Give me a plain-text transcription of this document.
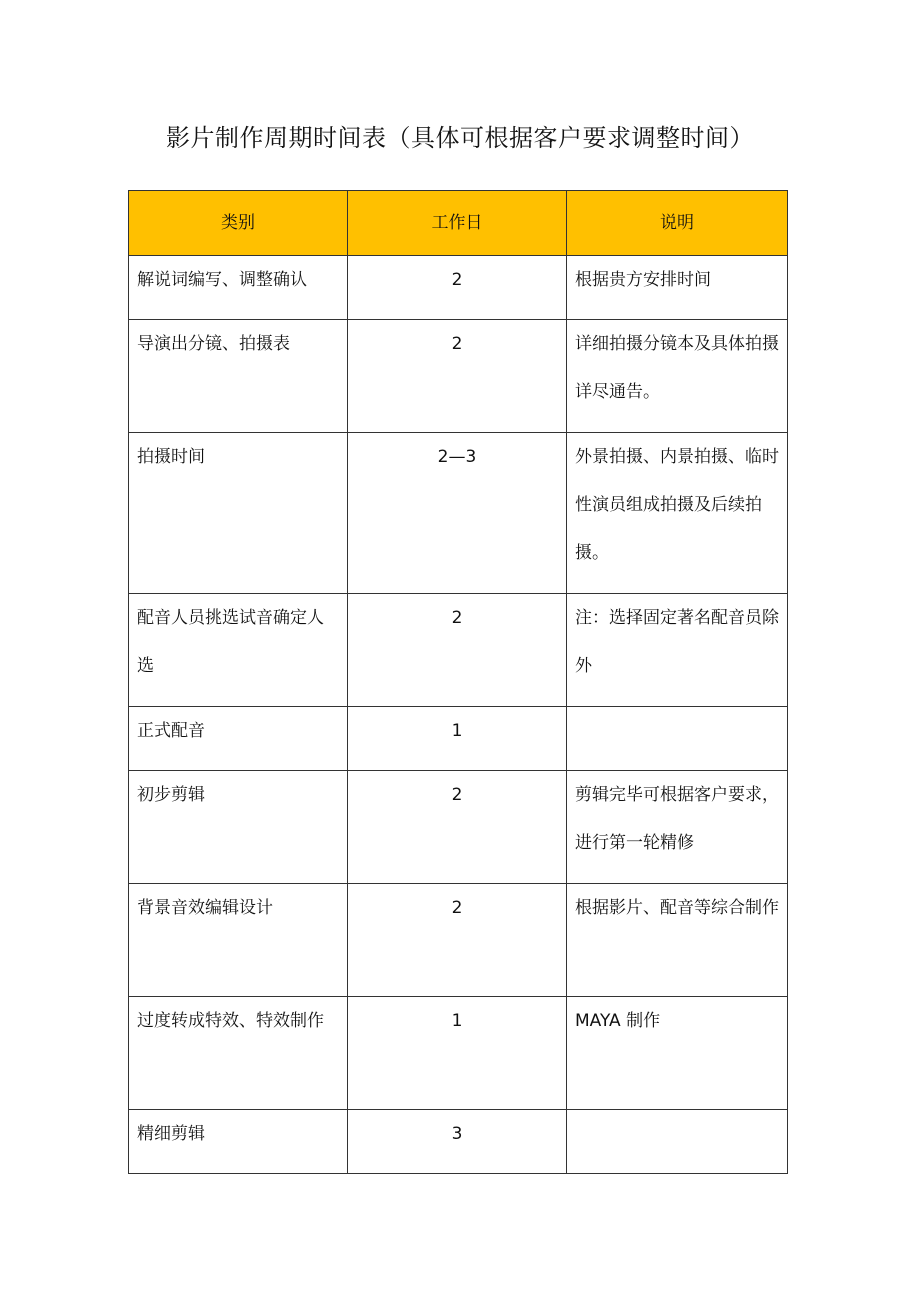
影片制作周期时间表（具体可根据客户要求调整时间）
类别	工作日	说明
解说词编写、调整确认	2	根据贵方安排时间
导演出分镜、拍摄表	2	详细拍摄分镜本及具体拍摄详尽通告。
拍摄时间	2—3	外景拍摄、内景拍摄、临时性演员组成拍摄及后续拍摄。
配音人员挑选试音确定人选	2	注：选择固定著名配音员除外
正式配音	1	
初步剪辑	2	剪辑完毕可根据客户要求，进行第一轮精修
背景音效编辑设计	2	根据影片、配音等综合制作
过度转成特效、特效制作	1	MAYA 制作
精细剪辑	3	
